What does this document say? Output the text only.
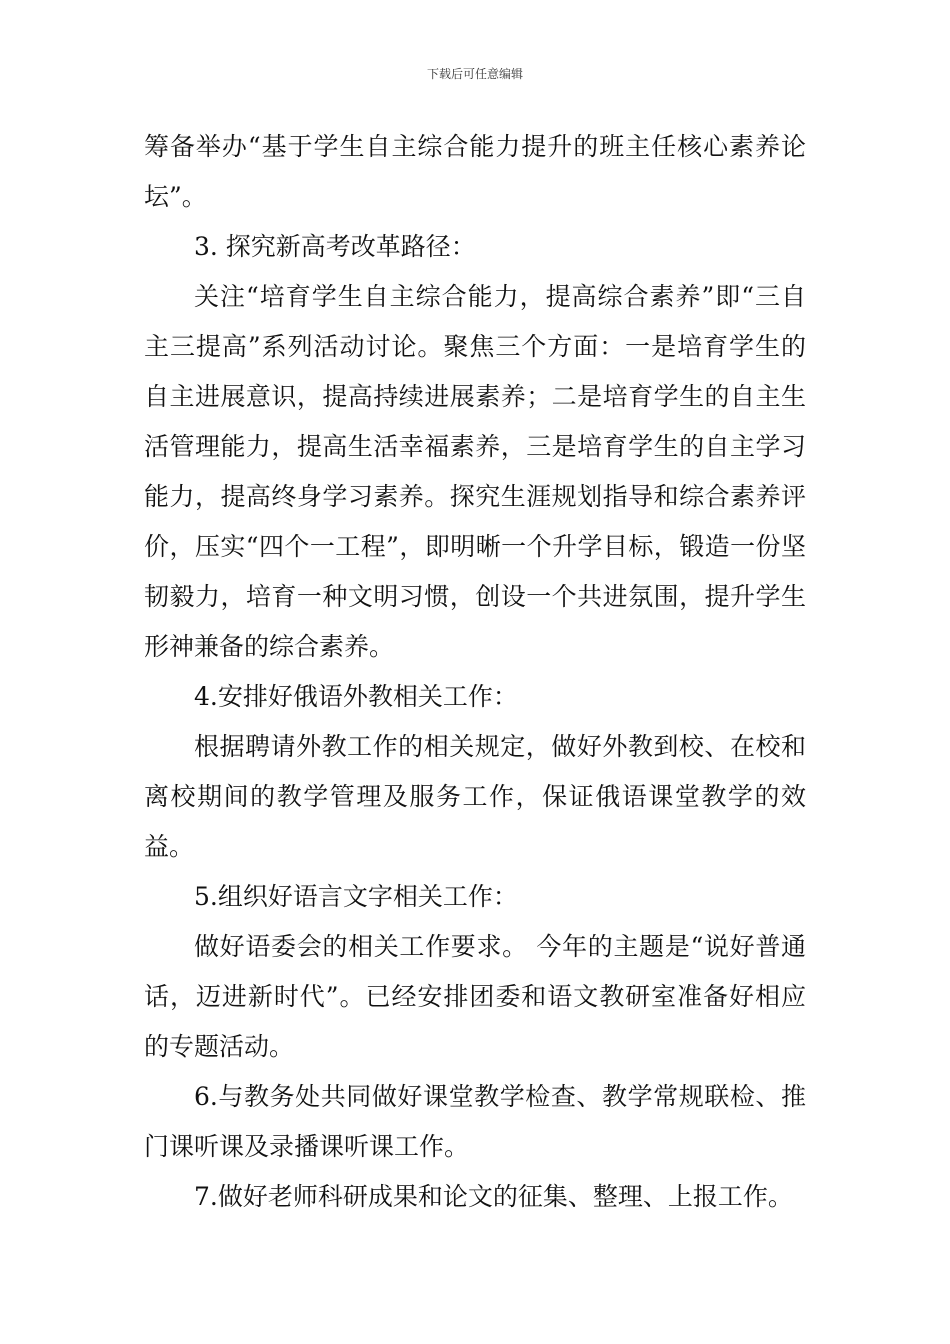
下载后可任意编辑

筹备举办“基于学生自主综合能力提升的班主任核心素养论坛”。

3. 探究新高考改革路径：

关注“培育学生自主综合能力，提高综合素养”即“三自主三提高”系列活动讨论。聚焦三个方面：一是培育学生的自主进展意识，提高持续进展素养；二是培育学生的自主生活管理能力，提高生活幸福素养，三是培育学生的自主学习能力，提高终身学习素养。探究生涯规划指导和综合素养评价，压实“四个一工程”，即明晰一个升学目标，锻造一份坚韧毅力，培育一种文明习惯，创设一个共进氛围，提升学生形神兼备的综合素养。

4.安排好俄语外教相关工作：

根据聘请外教工作的相关规定，做好外教到校、在校和离校期间的教学管理及服务工作，保证俄语课堂教学的效益。

5.组织好语言文字相关工作：

做好语委会的相关工作要求。 今年的主题是“说好普通话，迈进新时代”。已经安排团委和语文教研室准备好相应的专题活动。

6.与教务处共同做好课堂教学检查、教学常规联检、推门课听课及录播课听课工作。

7.做好老师科研成果和论文的征集、整理、上报工作。
